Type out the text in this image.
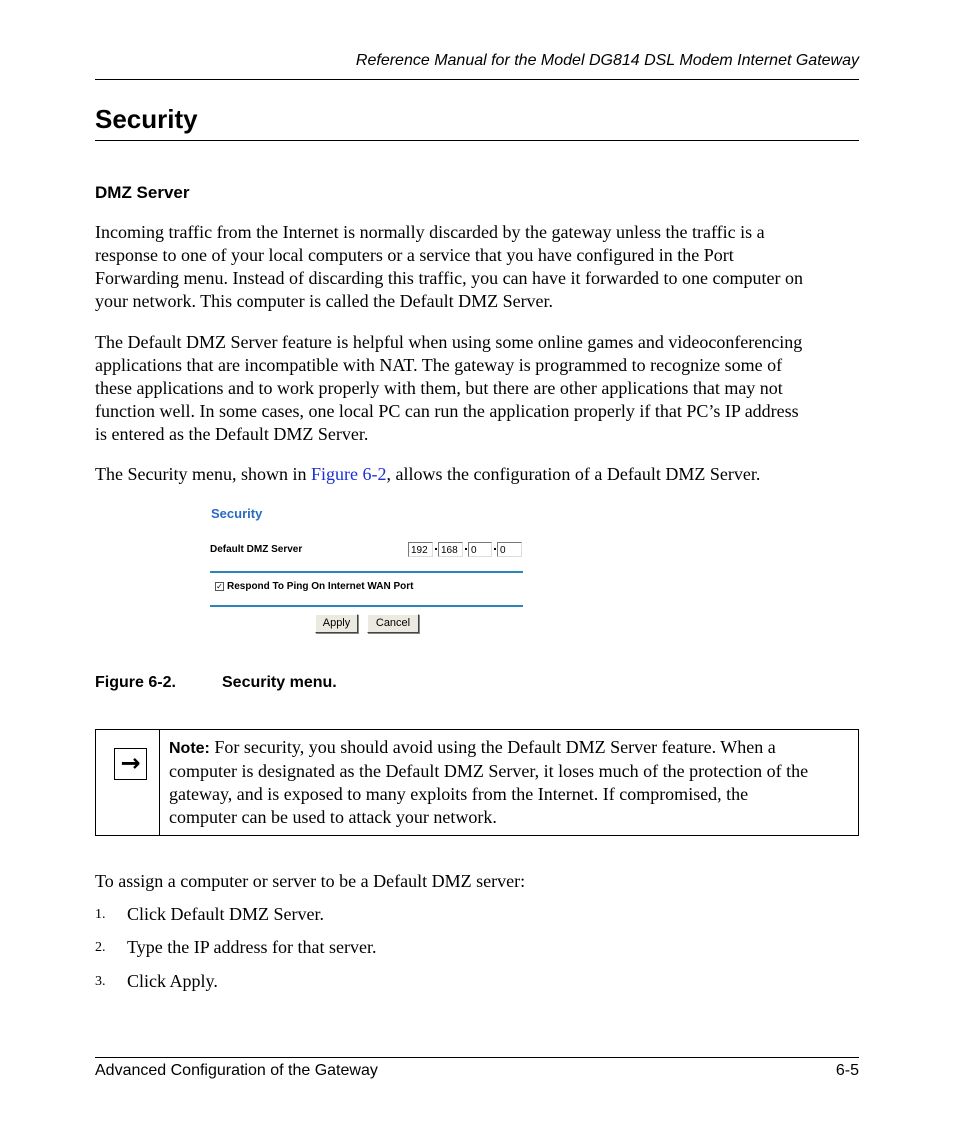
Reference Manual for the Model DG814 DSL Modem Internet Gateway
Security
DMZ Server
Incoming traffic from the Internet is normally discarded by the gateway unless the traffic is a
response to one of your local computers or a service that you have configured in the Port
Forwarding menu. Instead of discarding this traffic, you can have it forwarded to one computer on
your network. This computer is called the Default DMZ Server.
The Default DMZ Server feature is helpful when using some online games and videoconferencing
applications that are incompatible with NAT. The gateway is programmed to recognize some of
these applications and to work properly with them, but there are other applications that may not
function well. In some cases, one local PC can run the application properly if that PC’s IP address
is entered as the Default DMZ Server.
The Security menu, shown in Figure 6-2, allows the configuration of a Default DMZ Server.
Security
Default DMZ Server	192	168	0	0
✓ Respond To Ping On Internet WAN Port
Apply	Cancel
Figure 6-2.	Security menu.
→
Note: For security, you should avoid using the Default DMZ Server feature. When a
computer is designated as the Default DMZ Server, it loses much of the protection of the
gateway, and is exposed to many exploits from the Internet. If compromised, the
computer can be used to attack your network.
To assign a computer or server to be a Default DMZ server:
1. Click Default DMZ Server.
2. Type the IP address for that server.
3. Click Apply.
Advanced Configuration of the Gateway	6-5
